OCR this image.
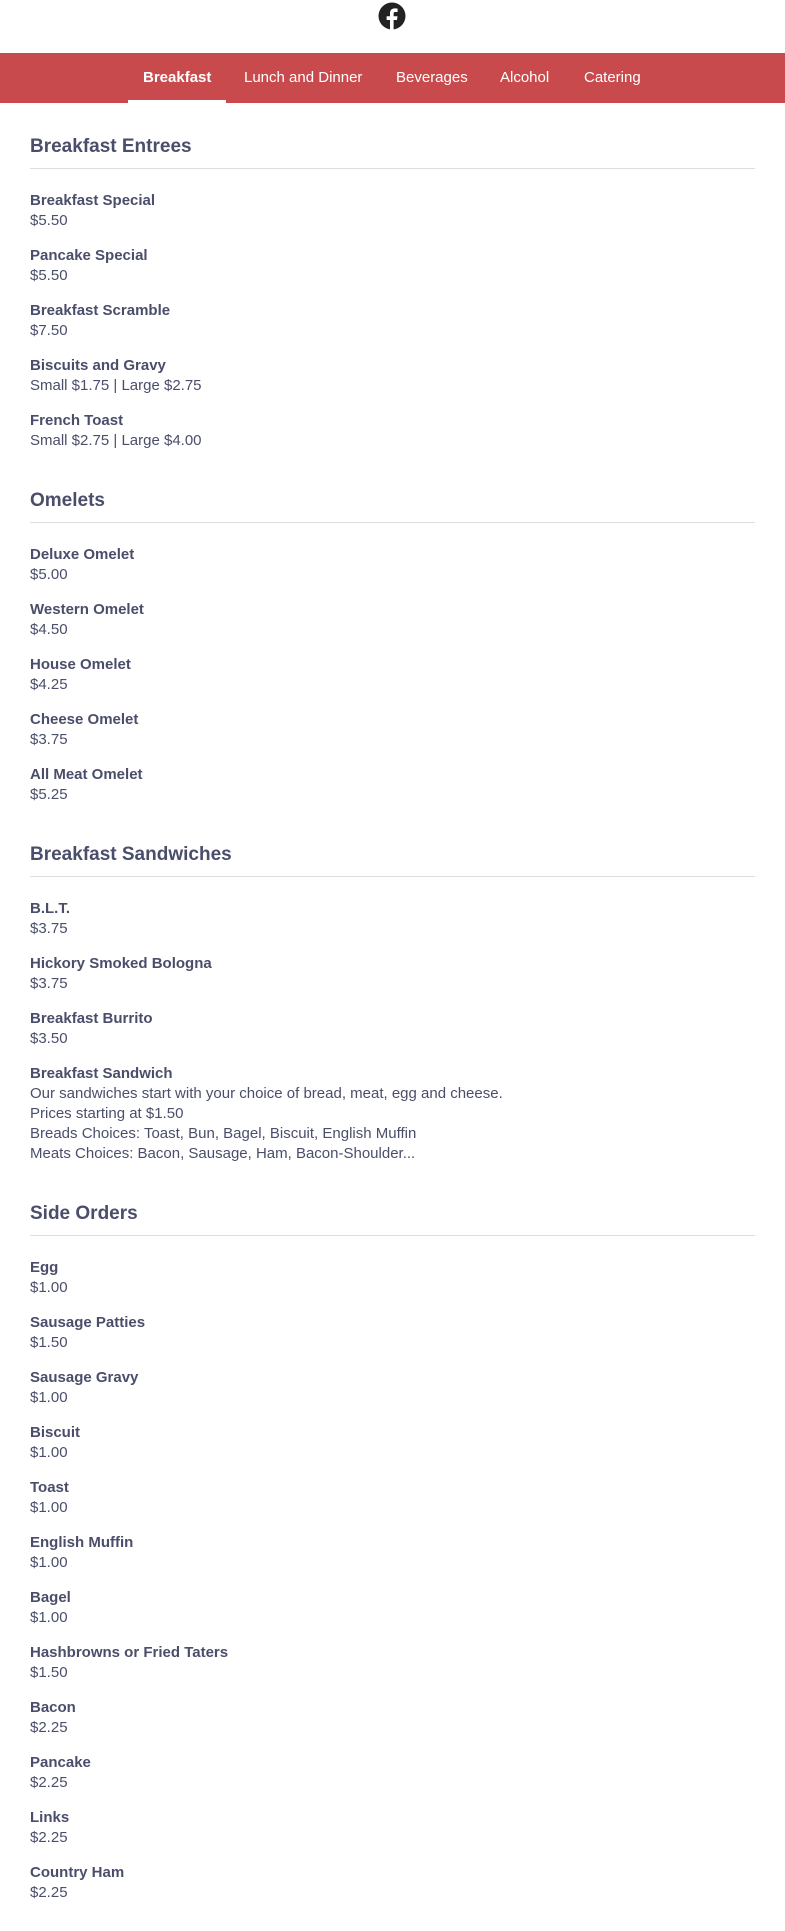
Breakfast Lunch and Dinner Beverages Alcohol Catering
Breakfast Entrees
Breakfast Special
$5.50
Pancake Special
$5.50
Breakfast Scramble
$7.50
Biscuits and Gravy
Small $1.75 | Large $2.75
French Toast
Small $2.75 | Large $4.00
Omelets
Deluxe Omelet
$5.00
Western Omelet
$4.50
House Omelet
$4.25
Cheese Omelet
$3.75
All Meat Omelet
$5.25
Breakfast Sandwiches
B.L.T.
$3.75
Hickory Smoked Bologna
$3.75
Breakfast Burrito
$3.50
Breakfast Sandwich
Our sandwiches start with your choice of bread, meat, egg and cheese.
Prices starting at $1.50
Breads Choices: Toast, Bun, Bagel, Biscuit, English Muffin
Meats Choices: Bacon, Sausage, Ham, Bacon-Shoulder...
Side Orders
Egg
$1.00
Sausage Patties
$1.50
Sausage Gravy
$1.00
Biscuit
$1.00
Toast
$1.00
English Muffin
$1.00
Bagel
$1.00
Hashbrowns or Fried Taters
$1.50
Bacon
$2.25
Pancake
$2.25
Links
$2.25
Country Ham
$2.25
